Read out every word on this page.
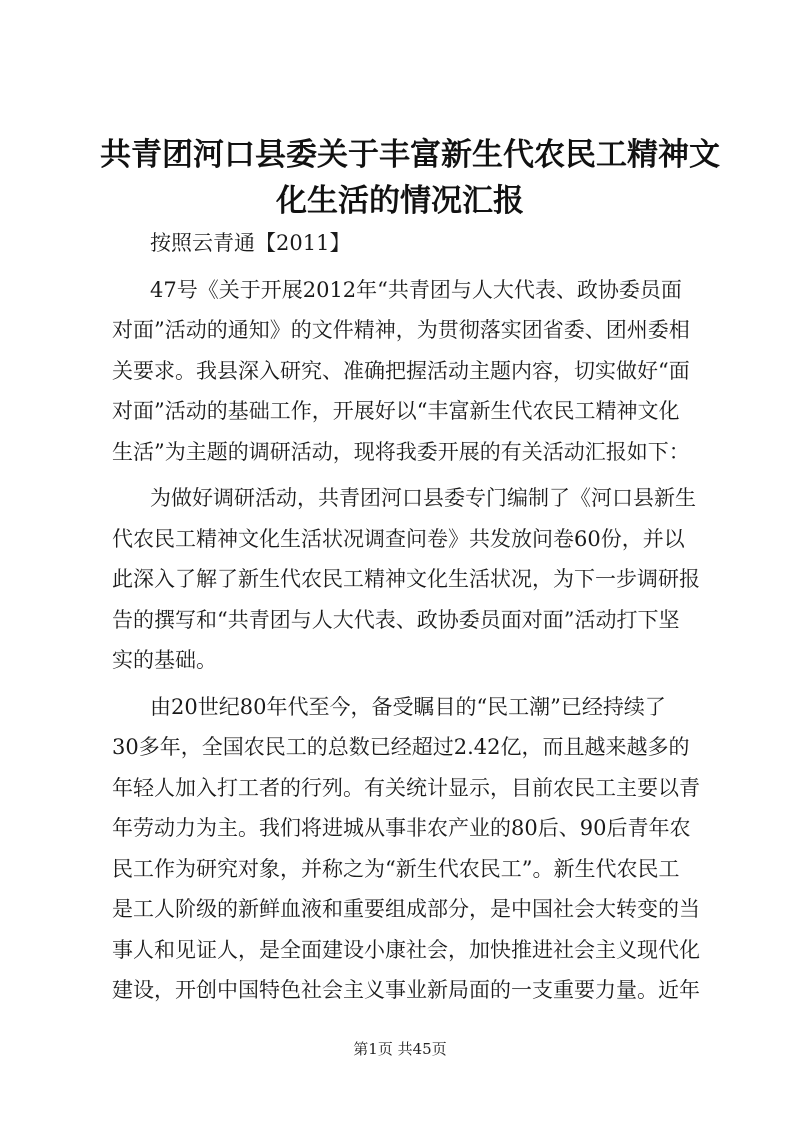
共青团河口县委关于丰富新生代农民工精神文
化生活的情况汇报
按照云青通【2011】
47号《关于开展2012年“共青团与人大代表、政协委员面
对面”活动的通知》的文件精神，为贯彻落实团省委、团州委相
关要求。我县深入研究、准确把握活动主题内容，切实做好“面
对面”活动的基础工作，开展好以“丰富新生代农民工精神文化
生活”为主题的调研活动，现将我委开展的有关活动汇报如下：
为做好调研活动，共青团河口县委专门编制了《河口县新生
代农民工精神文化生活状况调查问卷》共发放问卷60份，并以
此深入了解了新生代农民工精神文化生活状况，为下一步调研报
告的撰写和“共青团与人大代表、政协委员面对面”活动打下坚
实的基础。
由20世纪80年代至今，备受瞩目的“民工潮”已经持续了
30多年，全国农民工的总数已经超过2.42亿，而且越来越多的
年轻人加入打工者的行列。有关统计显示，目前农民工主要以青
年劳动力为主。我们将进城从事非农产业的80后、90后青年农
民工作为研究对象，并称之为“新生代农民工”。新生代农民工
是工人阶级的新鲜血液和重要组成部分，是中国社会大转变的当
事人和见证人，是全面建设小康社会，加快推进社会主义现代化
建设，开创中国特色社会主义事业新局面的一支重要力量。近年
第1页 共45页
